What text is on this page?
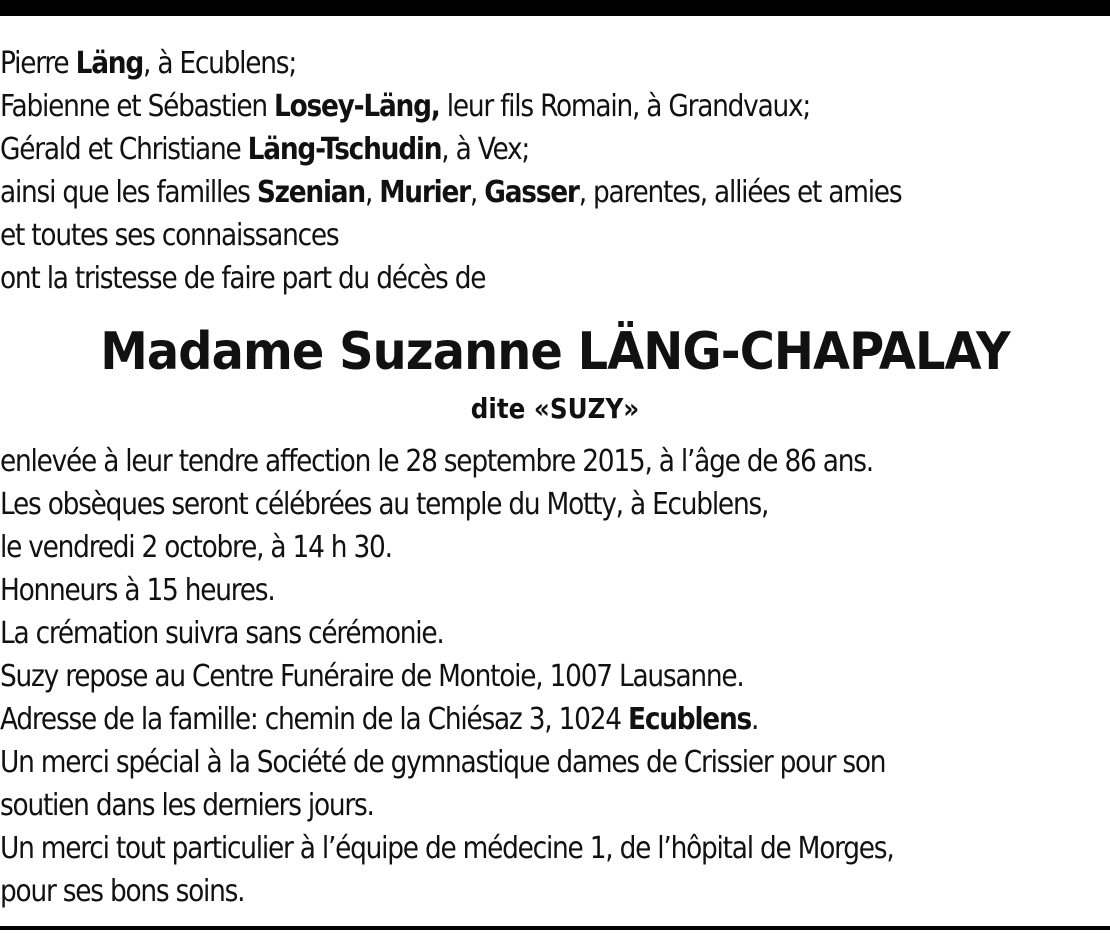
Pierre Läng, à Ecublens;
Fabienne et Sébastien Losey-Läng, leur fils Romain, à Grandvaux;
Gérald et Christiane Läng-Tschudin, à Vex;
ainsi que les familles Szenian, Murier, Gasser, parentes, alliées et amies
et toutes ses connaissances
ont la tristesse de faire part du décès de
Madame Suzanne LÄNG-CHAPALAY
dite «SUZY»
enlevée à leur tendre affection le 28 septembre 2015, à l’âge de 86 ans.
Les obsèques seront célébrées au temple du Motty, à Ecublens,
le vendredi 2 octobre, à 14 h 30.
Honneurs à 15 heures.
La crémation suivra sans cérémonie.
Suzy repose au Centre Funéraire de Montoie, 1007 Lausanne.
Adresse de la famille: chemin de la Chiésaz 3, 1024 Ecublens.
Un merci spécial à la Société de gymnastique dames de Crissier pour son
soutien dans les derniers jours.
Un merci tout particulier à l’équipe de médecine 1, de l’hôpital de Morges,
pour ses bons soins.
